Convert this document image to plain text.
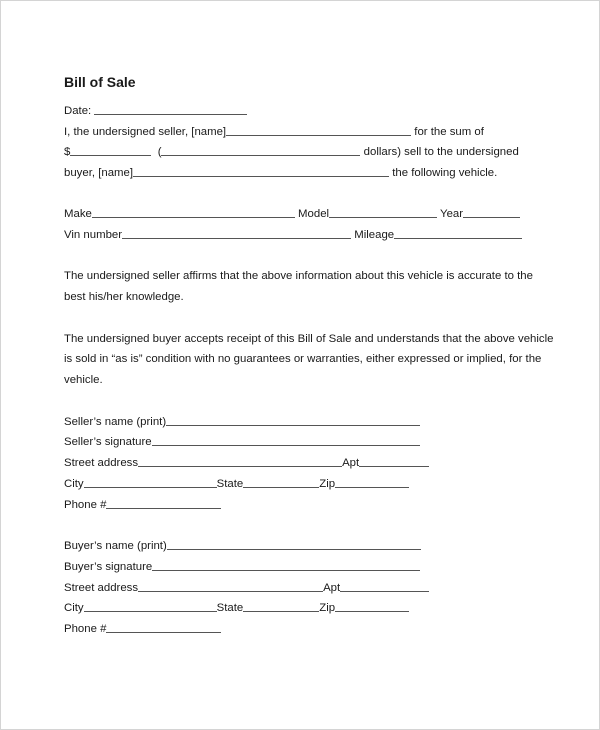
Bill of Sale
Date:
I, the undersigned seller, [name]	for the sum of
$	(	dollars) sell to the undersigned
buyer, [name]	the following vehicle.
Make	Model	Year
Vin number	Mileage

The undersigned seller affirms that the above information about this vehicle is accurate to the best his/her knowledge.

The undersigned buyer accepts receipt of this Bill of Sale and understands that the above vehicle is sold in “as is” condition with no guarantees or warranties, either expressed or implied, for the vehicle.

Seller’s name (print)
Seller’s signature
Street address	Apt
City	State	Zip
Phone #
Buyer’s name (print)
Buyer’s signature
Street address	Apt
City	State	Zip
Phone #
